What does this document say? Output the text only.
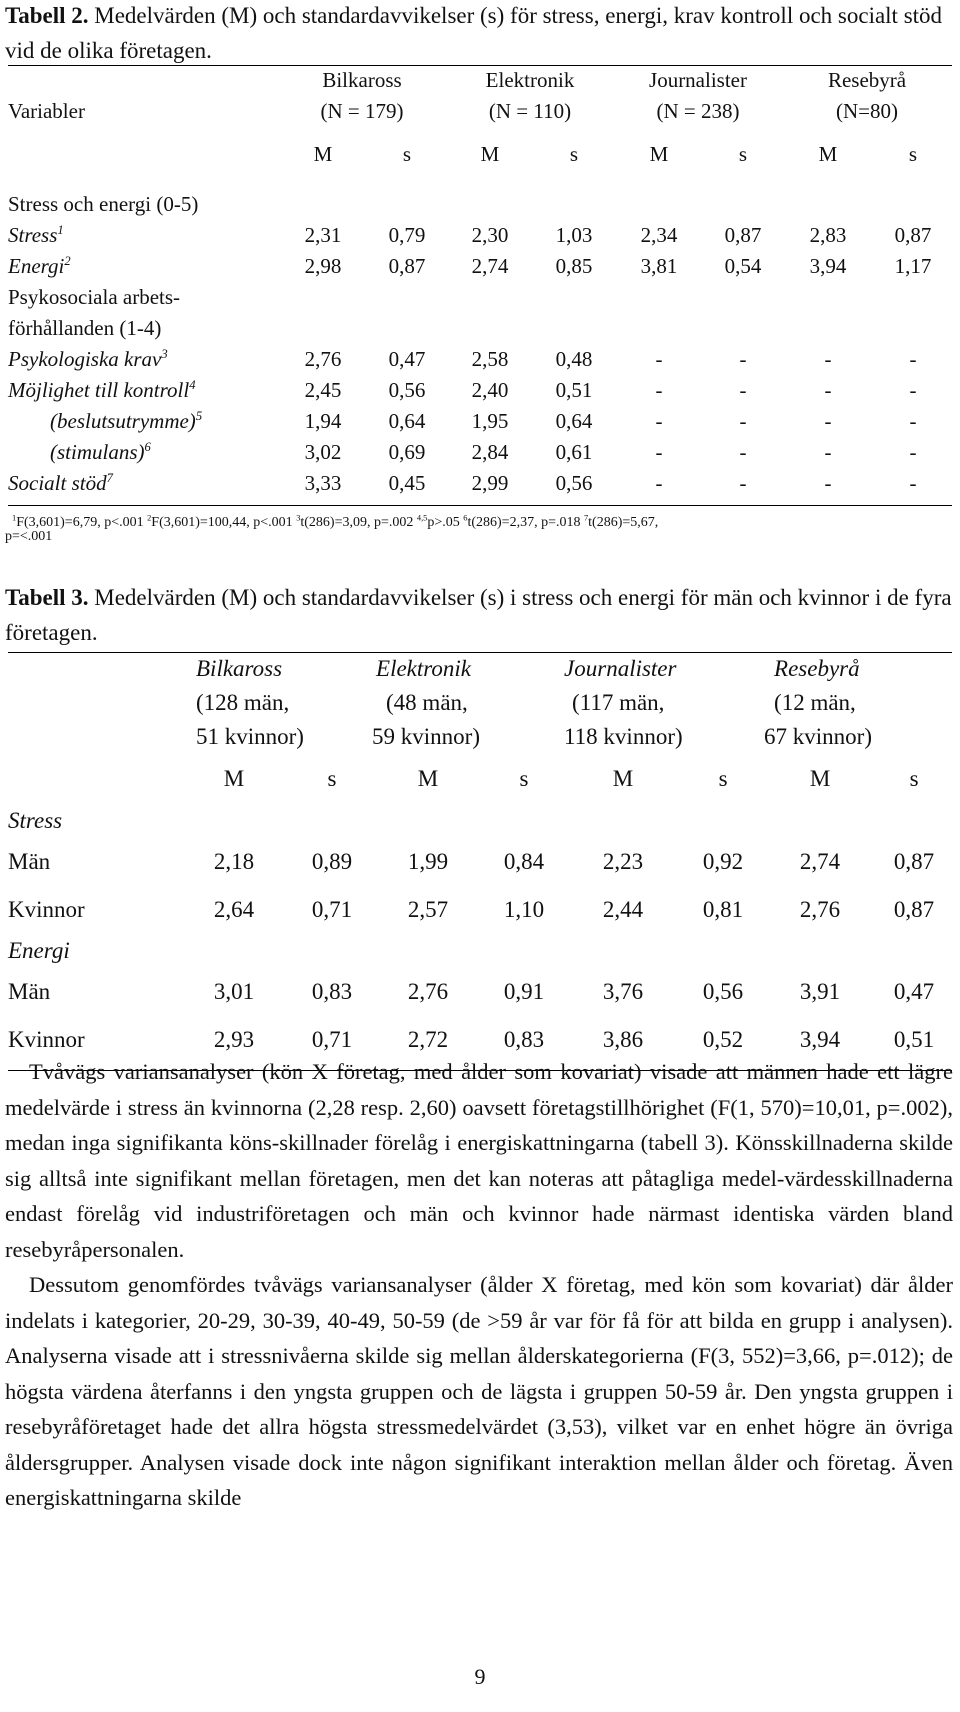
Tabell 2. Medelvärden (M) och standardavvikelser (s) för stress, energi, krav kontroll och socialt stöd vid de olika företagen.
	Bilkaross		Elektronik		Journalister		Resebyrå	
Variabler	(N = 179)		(N = 110)		(N = 238)		(N=80)	

	M	s	M	s	M	s	M	s

Stress och energi (0-5)								
Stress$^1$	2,31	0,79	2,30	1,03	2,34	0,87	2,83	0,87
Energi$^2$	2,98	0,87	2,74	0,85	3,81	0,54	3,94	1,17
Psykosociala arbets-								
förhållanden (1-4)								
Psykologiska krav$^3$	2,76	0,47	2,58	0,48	-	-	-	-
Möjlighet till kontroll$^4$	2,45	0,56	2,40	0,51	-	-	-	-
(beslutsutrymme)$^5$	1,94	0,64	1,95	0,64	-	-	-	-
(stimulans)$^6$	3,02	0,69	2,84	0,61	-	-	-	-
Socialt stöd$^7$	3,33	0,45	2,99	0,56	-	-	-	-
$^1$F(3,601)=6,79, p<.001 $^2$F(3,601)=100,44, p<.001 $^3$t(286)=3,09, p=.002 $^{4,5}$p>.05 $^6$t(286)=2,37, p=.018 $^7$t(286)=5,67,
p=<.001
Tabell 3. Medelvärden (M) och standardavvikelser (s) i stress och energi för män och kvinnor i de fyra företagen.
	Bilkaross		Elektronik		Journalister		Resebyrå	
	(128 män,		(48 män,		(117 män,		(12 män,	
	51 kvinnor)		59 kvinnor)		118 kvinnor)		67 kvinnor)	

	M	s	M	s	M	s	M	s

Stress								
Män	2,18	0,89	1,99	0,84	2,23	0,92	2,74	0,87
Kvinnor	2,64	0,71	2,57	1,10	2,44	0,81	2,76	0,87
Energi								
Män	3,01	0,83	2,76	0,91	3,76	0,56	3,91	0,47
Kvinnor	2,93	0,71	2,72	0,83	3,86	0,52	3,94	0,51

Tvåvägs variansanalyser (kön X företag, med ålder som kovariat) visade att männen hade ett lägre medelvärde i stress än kvinnorna (2,28 resp. 2,60) oavsett företagstillhörighet (F(1, 570)=10,01, p=.002), medan inga signifikanta köns-skillnader förelåg i energiskattningarna (tabell 3). Könsskillnaderna skilde sig alltså inte signifikant mellan företagen, men det kan noteras att påtagliga medel-värdesskillnaderna endast förelåg vid industriföretagen och män och kvinnor hade närmast identiska värden bland resebyråpersonalen.

Dessutom genomfördes tvåvägs variansanalyser (ålder X företag, med kön som kovariat) där ålder indelats i kategorier, 20-29, 30-39, 40-49, 50-59 (de >59 år var för få för att bilda en grupp i analysen). Analyserna visade att i stressnivåerna skilde sig mellan ålderskategorierna (F(3, 552)=3,66, p=.012); de högsta värdena återfanns i den yngsta gruppen och de lägsta i gruppen 50-59 år. Den yngsta gruppen i resebyråföretaget hade det allra högsta stressmedelvärdet (3,53), vilket var en enhet högre än övriga åldersgrupper. Analysen visade dock inte någon signifikant interaktion mellan ålder och företag. Även energiskattningarna skilde

9
